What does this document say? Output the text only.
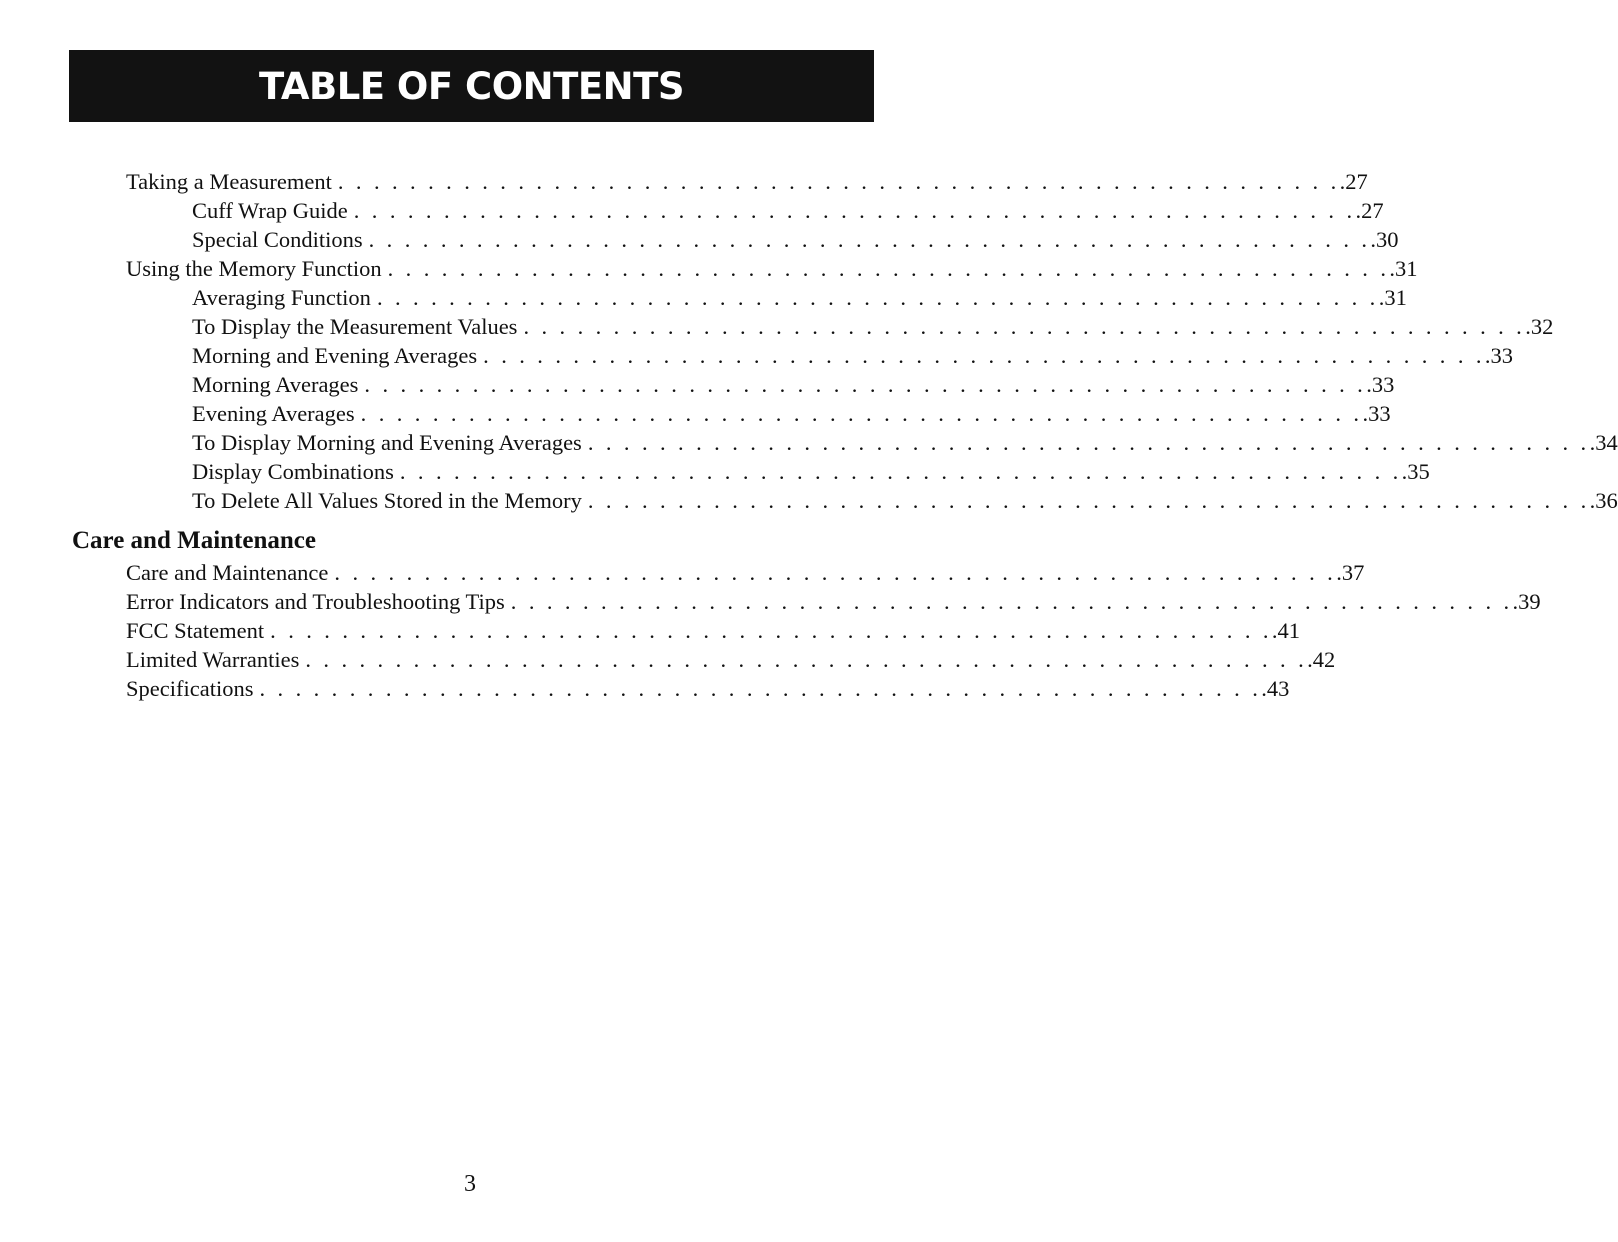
TABLE OF CONTENTS
Taking a Measurement . . . . . . . . . . . . . . . . . . . . . . . . . . . . . . . . . . . . . . . . . . . . . . . . . . . . . . . . .27
Cuff Wrap Guide . . . . . . . . . . . . . . . . . . . . . . . . . . . . . . . . . . . . . . . . . . . . . . . . . . . . . . . . .27
Special Conditions . . . . . . . . . . . . . . . . . . . . . . . . . . . . . . . . . . . . . . . . . . . . . . . . . . . . . . . . .30
Using the Memory Function . . . . . . . . . . . . . . . . . . . . . . . . . . . . . . . . . . . . . . . . . . . . . . . . . . . . . . . . .31
Averaging Function . . . . . . . . . . . . . . . . . . . . . . . . . . . . . . . . . . . . . . . . . . . . . . . . . . . . . . . . .31
To Display the Measurement Values . . . . . . . . . . . . . . . . . . . . . . . . . . . . . . . . . . . . . . . . . . . . . . . . . . . . . . . . .32
Morning and Evening Averages . . . . . . . . . . . . . . . . . . . . . . . . . . . . . . . . . . . . . . . . . . . . . . . . . . . . . . . . .33
Morning Averages . . . . . . . . . . . . . . . . . . . . . . . . . . . . . . . . . . . . . . . . . . . . . . . . . . . . . . . . .33
Evening Averages . . . . . . . . . . . . . . . . . . . . . . . . . . . . . . . . . . . . . . . . . . . . . . . . . . . . . . . . .33
To Display Morning and Evening Averages . . . . . . . . . . . . . . . . . . . . . . . . . . . . . . . . . . . . . . . . . . . . . . . . . . . . . . . . .34
Display Combinations . . . . . . . . . . . . . . . . . . . . . . . . . . . . . . . . . . . . . . . . . . . . . . . . . . . . . . . . .35
To Delete All Values Stored in the Memory . . . . . . . . . . . . . . . . . . . . . . . . . . . . . . . . . . . . . . . . . . . . . . . . . . . . . . . . .36
Care and Maintenance
Care and Maintenance . . . . . . . . . . . . . . . . . . . . . . . . . . . . . . . . . . . . . . . . . . . . . . . . . . . . . . . . .37
Error Indicators and Troubleshooting Tips . . . . . . . . . . . . . . . . . . . . . . . . . . . . . . . . . . . . . . . . . . . . . . . . . . . . . . . . .39
FCC Statement . . . . . . . . . . . . . . . . . . . . . . . . . . . . . . . . . . . . . . . . . . . . . . . . . . . . . . . . .41
Limited Warranties . . . . . . . . . . . . . . . . . . . . . . . . . . . . . . . . . . . . . . . . . . . . . . . . . . . . . . . . .42
Specifications . . . . . . . . . . . . . . . . . . . . . . . . . . . . . . . . . . . . . . . . . . . . . . . . . . . . . . . . .43
3
